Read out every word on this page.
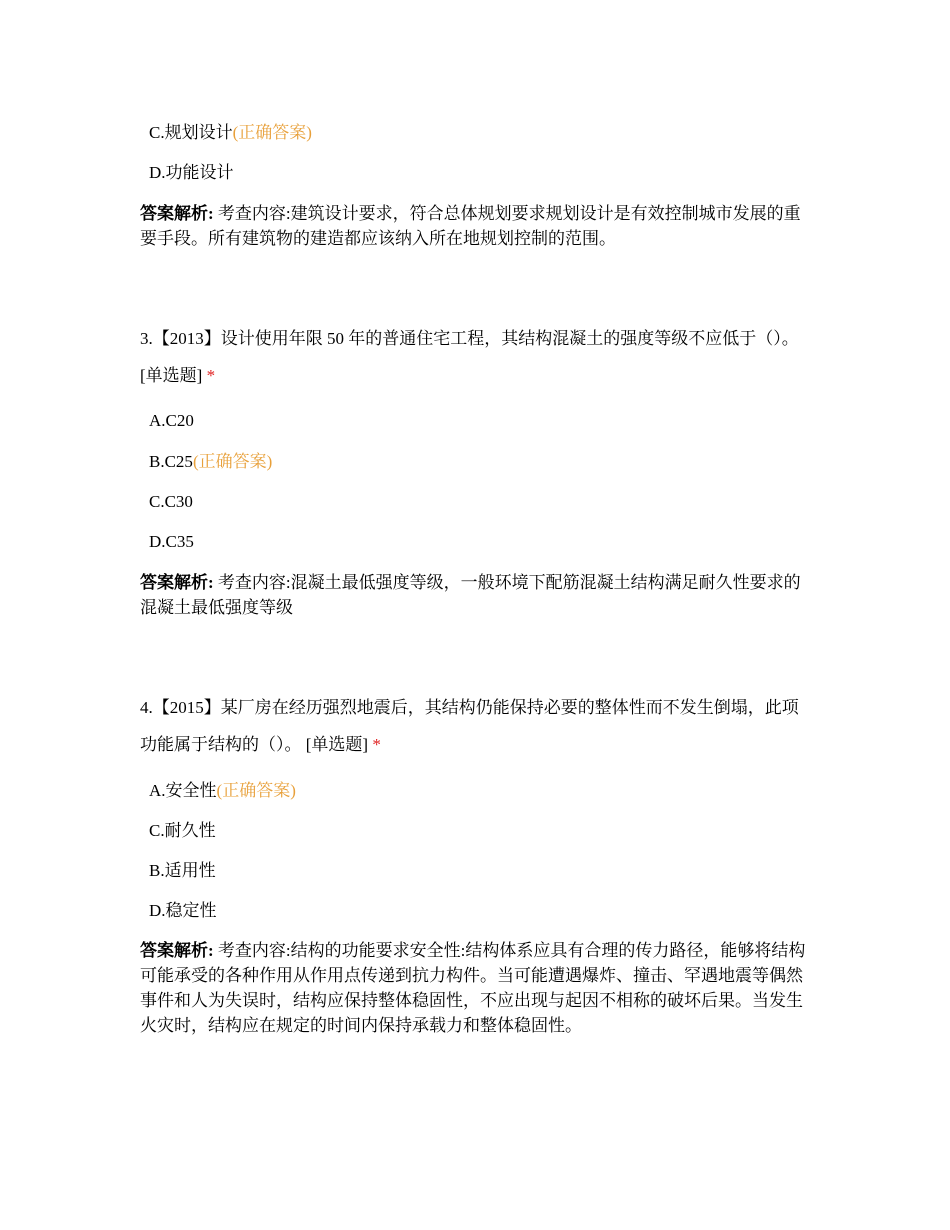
C.规划设计(正确答案)
D.功能设计
答案解析: 考查内容:建筑设计要求，符合总体规划要求规划设计是有效控制城市发展的重要手段。所有建筑物的建造都应该纳入所在地规划控制的范围。
3.【2013】设计使用年限 50 年的普通住宅工程，其结构混凝土的强度等级不应低于（）。 [单选题] *
A.C20
B.C25(正确答案)
C.C30
D.C35
答案解析: 考查内容:混凝土最低强度等级，一般环境下配筋混凝土结构满足耐久性要求的混凝土最低强度等级
4.【2015】某厂房在经历强烈地震后，其结构仍能保持必要的整体性而不发生倒塌，此项功能属于结构的（）。 [单选题] *
A.安全性(正确答案)
C.耐久性
B.适用性
D.稳定性
答案解析: 考查内容:结构的功能要求安全性:结构体系应具有合理的传力路径，能够将结构可能承受的各种作用从作用点传递到抗力构件。当可能遭遇爆炸、撞击、罕遇地震等偶然事件和人为失误时，结构应保持整体稳固性，不应出现与起因不相称的破坏后果。当发生火灾时，结构应在规定的时间内保持承载力和整体稳固性。
